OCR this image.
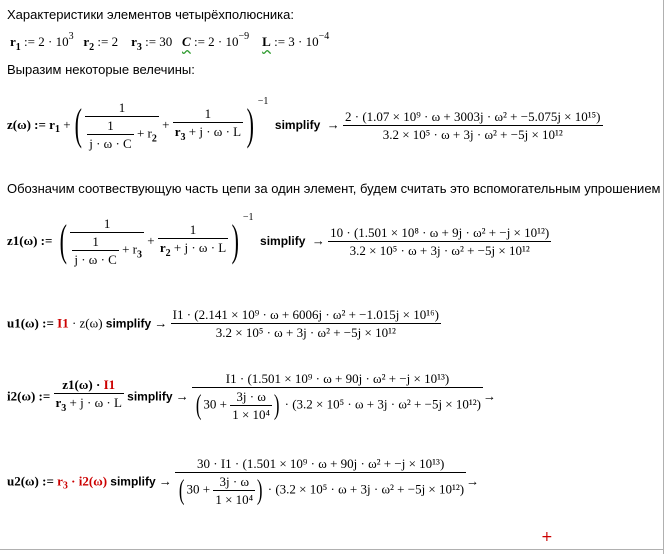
Характеристики элементов четырёхполюсника:
$r_1$ := $2 \cdot 10^3$ $r_2$ := 2 $r_3$ := 30 C := $2 \cdot 10^{-9}$ L := $3 \cdot 10^{-4}$
Выразим некоторые велечины:
z(ω) := $r_1$ +( $\frac{1}{\frac{1}{j \cdot \omega \cdot C} + r_2} + \frac{1}{r_3 + j \cdot \omega \cdot L}$ ) $^{-1}$  simplify → $\frac{\text{2 · (1.07 × 10⁹ · ω + 3003j · ω² + −5.075j × 10¹⁵)}}{\text{3.2 × 10⁵ · ω + 3j · ω² + −5j × 10¹²}}$
Обозначим соотвествующую часть цепи за один элемент, будем считать это вспомогательным упрошением
z1(ω) := ( $\frac{1}{\frac{1}{j \cdot \omega \cdot C} + r_3} + \frac{1}{r_2 + j \cdot \omega \cdot L}$ ) $^{-1}$  simplify → $\frac{\text{10 · (1.501 × 10⁸ · ω + 9j · ω² + −j × 10¹²)}}{\text{3.2 × 10⁵ · ω + 3j · ω² + −5j × 10¹²}}$
u1(ω) := I1 · z(ω) simplify → $\frac{\text{I1 · (2.141 × 10⁹ · ω + 6006j · ω² + −1.015j × 10¹⁶)}}{\text{3.2 × 10⁵ · ω + 3j · ω² + −5j × 10¹²}}$
i2(ω) := $\frac{z1(\omega) \cdot I1}{r_3 + j \cdot \omega \cdot L}$ simplify →
I1 · (1.501 × 10⁹ · ω + 90j · ω² + −j × 10¹³)
( $30 + \frac{3j \cdot \omega}{\text{1 × 10⁴}}$ ) · (3.2 × 10⁵ · ω + 3j · ω² + −5j × 10¹²)
→
u2(ω) := $r_3 \cdot i2(\omega)$ simplify →
30 · I1 · (1.501 × 10⁹ · ω + 90j · ω² + −j × 10¹³)
( $30 + \frac{3j \cdot \omega}{\text{1 × 10⁴}}$ ) · (3.2 × 10⁵ · ω + 3j · ω² + −5j × 10¹²)
→
+
